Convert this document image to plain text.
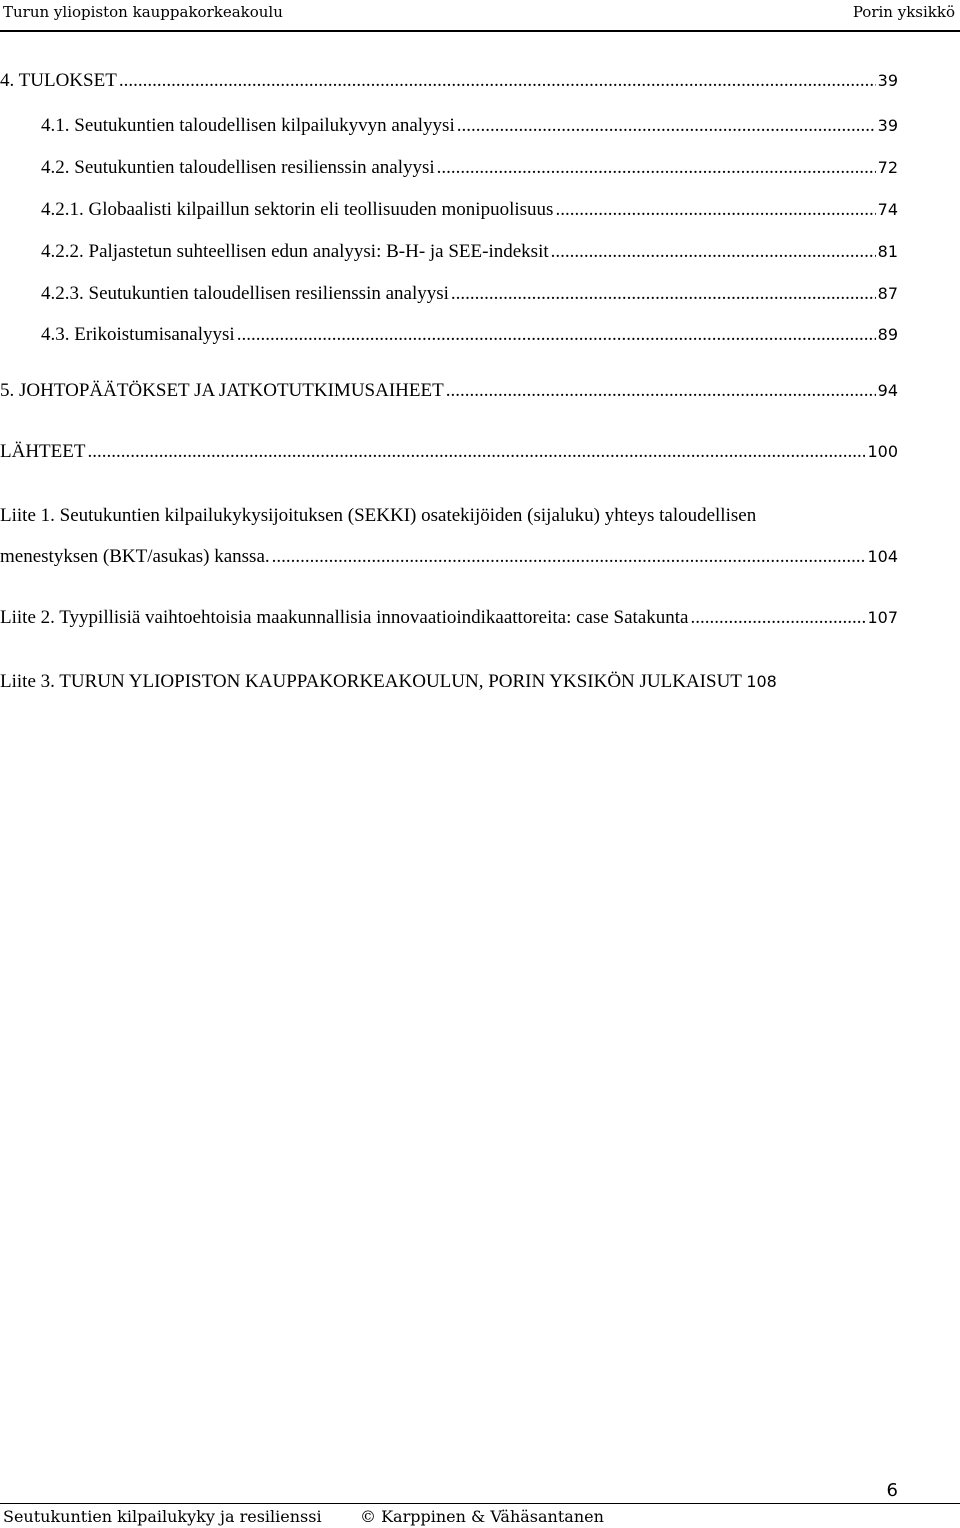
Turun yliopiston kauppakorkeakoulu	Porin yksikkö
4. TULOKSET .....	39
4.1. Seutukuntien taloudellisen kilpailukyvyn analyysi .....	39
4.2. Seutukuntien taloudellisen resilienssin analyysi .....	72
4.2.1. Globaalisti kilpaillun sektorin eli teollisuuden monipuolisuus .....	74
4.2.2. Paljastetun suhteellisen edun analyysi: B-H- ja SEE-indeksit .....	81
4.2.3. Seutukuntien taloudellisen resilienssin analyysi .....	87
4.3. Erikoistumisanalyysi .....	89
5. JOHTOPÄÄTÖKSET JA JATKOTUTKIMUSAIHEET .....	94
LÄHTEET .....	100
Liite 1. Seutukuntien kilpailukykysijoituksen (SEKKI) osatekijöiden (sijaluku) yhteys taloudellisen
menestyksen (BKT/asukas) kanssa. .....	104
Liite 2. Tyypillisiä vaihtoehtoisia maakunnallisia innovaatioindikaattoreita: case Satakunta .....	107
Liite 3. TURUN YLIOPISTON KAUPPAKORKEAKOULUN, PORIN YKSIKÖN JULKAISUT 108
6
Seutukuntien kilpailukyky ja resilienssi © Karppinen & Vähäsantanen
